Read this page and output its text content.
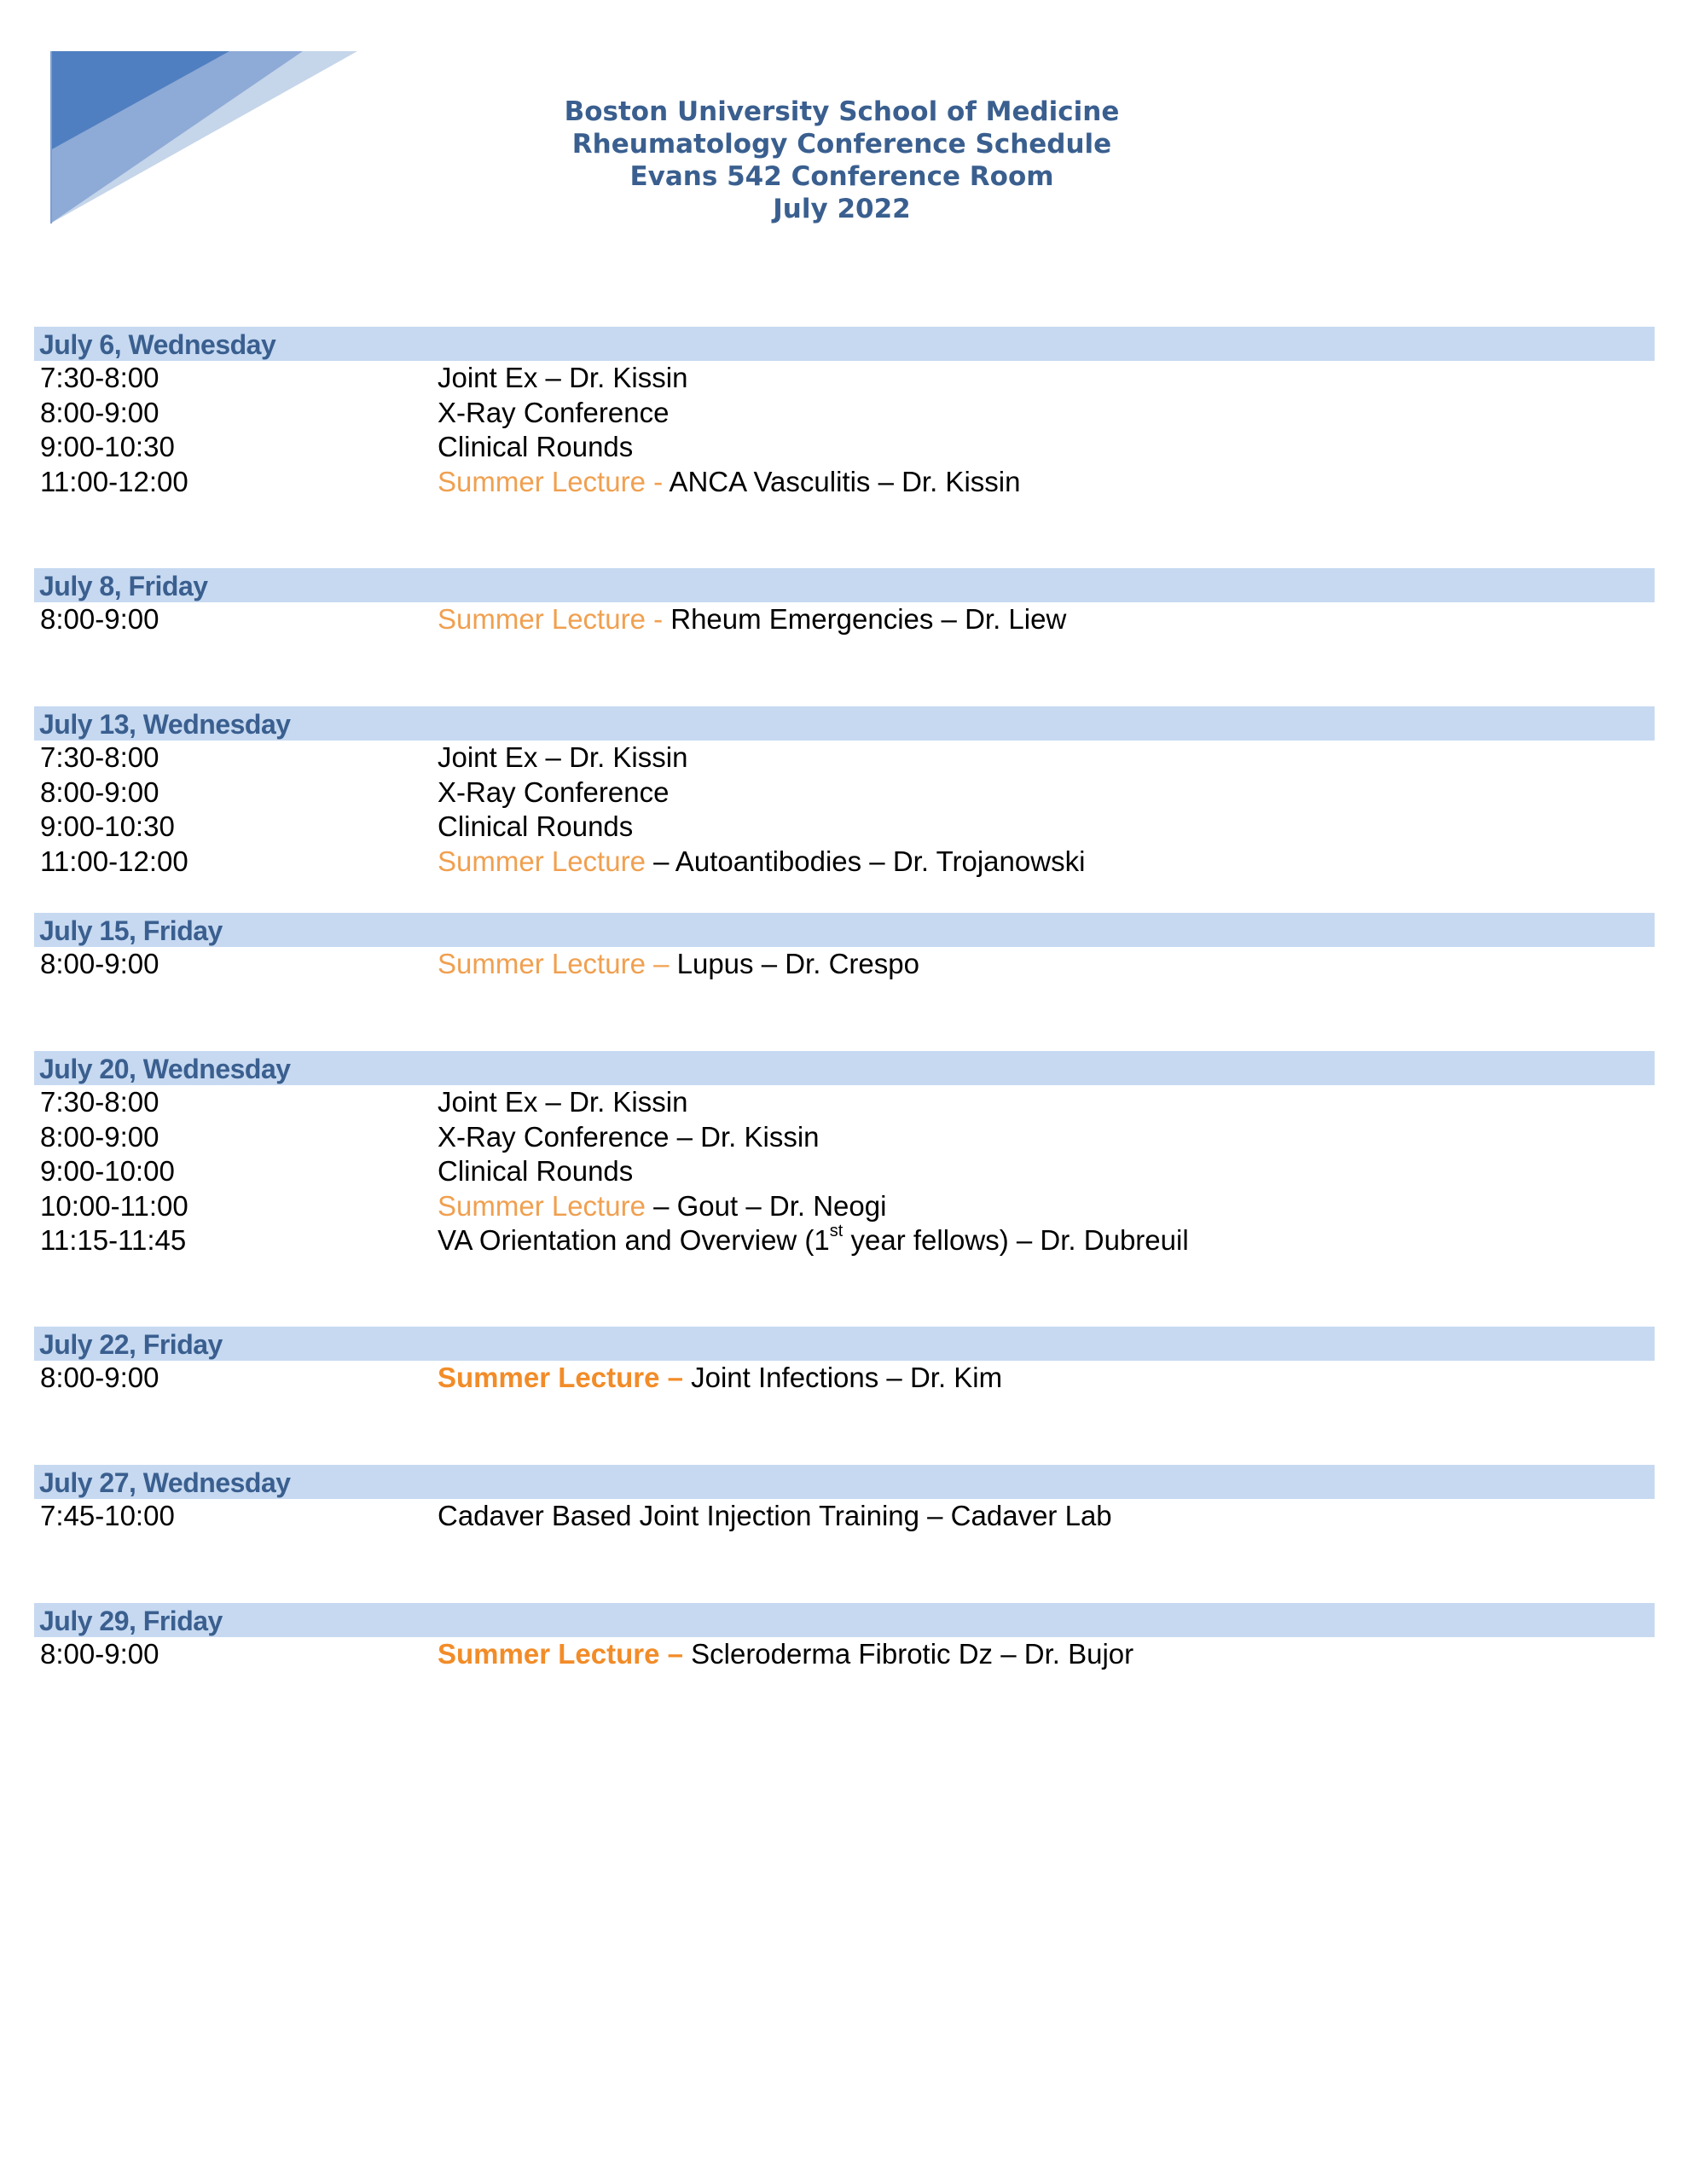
Boston University School of Medicine
Rheumatology Conference Schedule
Evans 542 Conference Room
July 2022
July 6, Wednesday
7:30-8:00	Joint Ex – Dr. Kissin
8:00-9:00	X-Ray Conference
9:00-10:30	Clinical Rounds
11:00-12:00	Summer Lecture - ANCA Vasculitis – Dr. Kissin
July 8, Friday
8:00-9:00	Summer Lecture - Rheum Emergencies – Dr. Liew
July 13, Wednesday
7:30-8:00	Joint Ex – Dr. Kissin
8:00-9:00	X-Ray Conference
9:00-10:30	Clinical Rounds
11:00-12:00	Summer Lecture – Autoantibodies – Dr. Trojanowski
July 15, Friday
8:00-9:00	Summer Lecture – Lupus – Dr. Crespo
July 20, Wednesday
7:30-8:00	Joint Ex – Dr. Kissin
8:00-9:00	X-Ray Conference – Dr. Kissin
9:00-10:00	Clinical Rounds
10:00-11:00	Summer Lecture – Gout – Dr. Neogi
11:15-11:45	VA Orientation and Overview (1st year fellows) – Dr. Dubreuil
July 22, Friday
8:00-9:00	Summer Lecture – Joint Infections – Dr. Kim
July 27, Wednesday
7:45-10:00	Cadaver Based Joint Injection Training – Cadaver Lab
July 29, Friday
8:00-9:00	Summer Lecture – Scleroderma Fibrotic Dz – Dr. Bujor
